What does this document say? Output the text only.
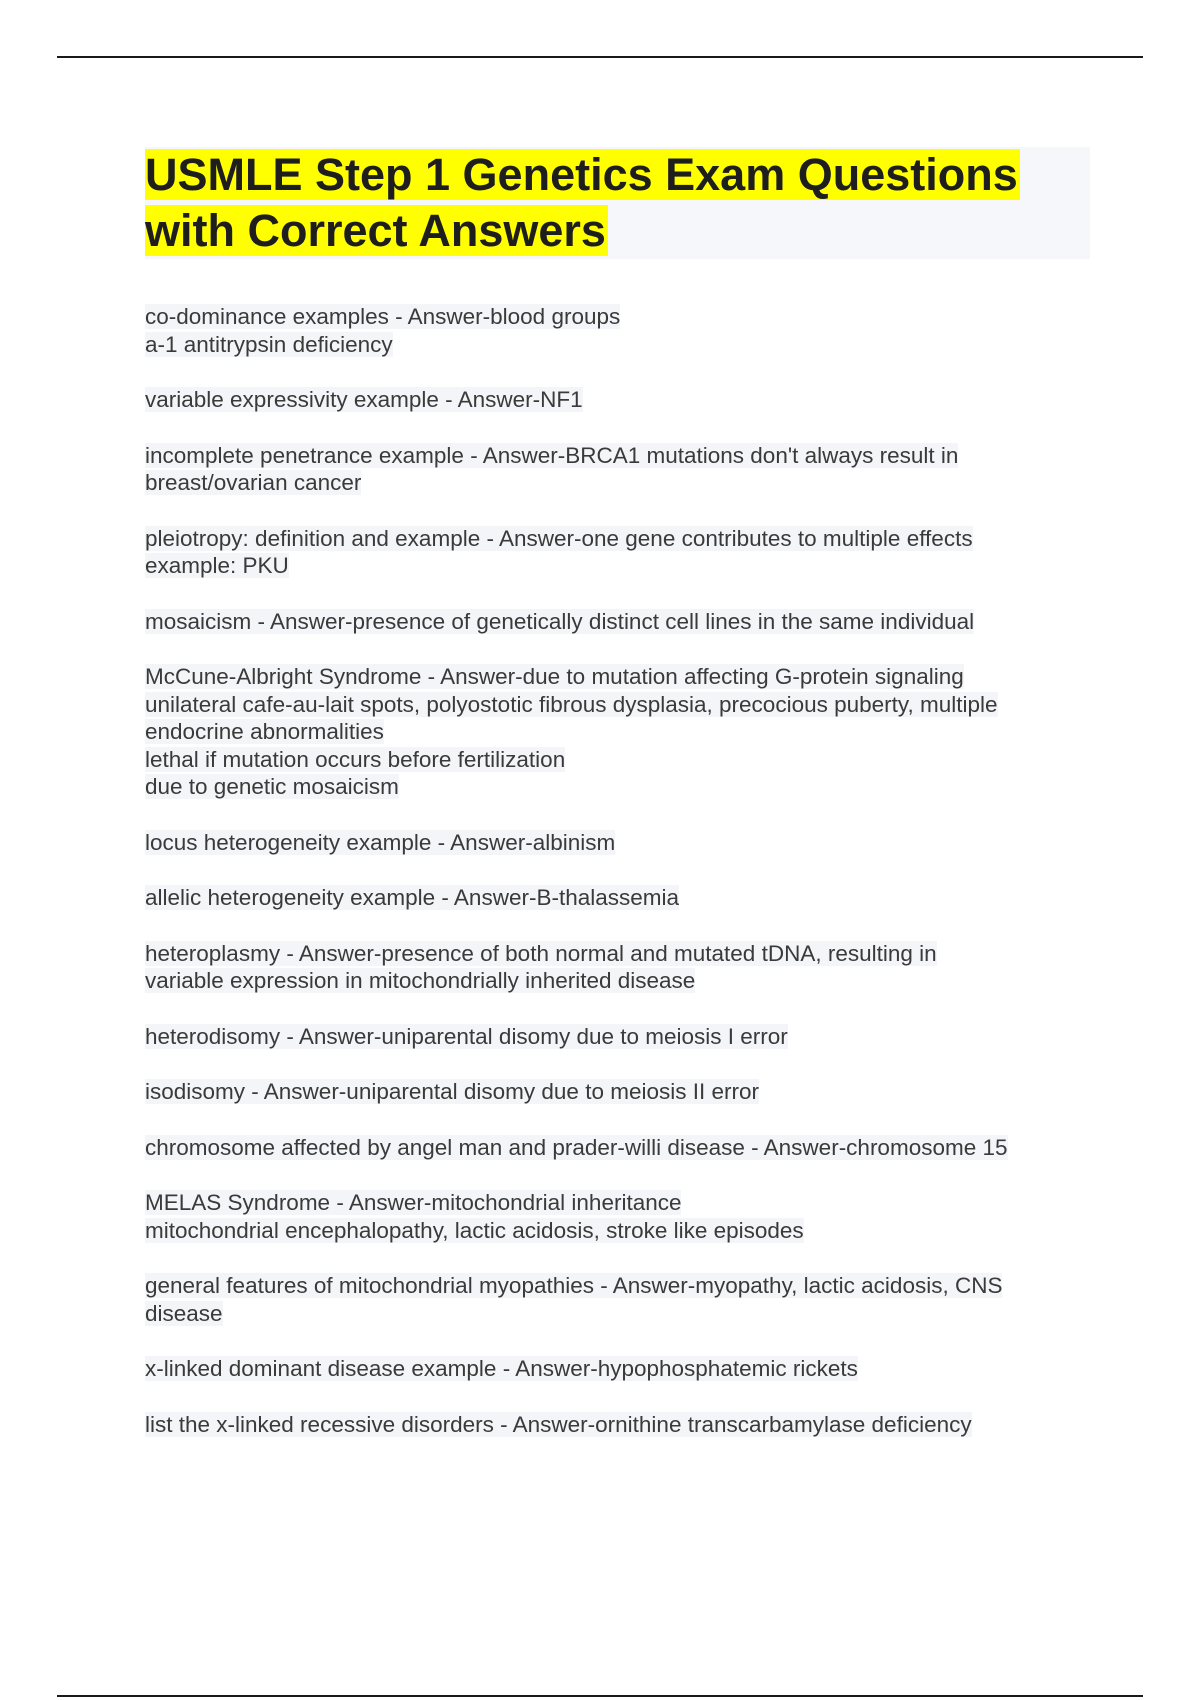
USMLE Step 1 Genetics Exam Questions with Correct Answers
co-dominance examples - Answer-blood groups
a-1 antitrypsin deficiency
variable expressivity example - Answer-NF1
incomplete penetrance example - Answer-BRCA1 mutations don't always result in
breast/ovarian cancer
pleiotropy: definition and example - Answer-one gene contributes to multiple effects
example: PKU
mosaicism - Answer-presence of genetically distinct cell lines in the same individual
McCune-Albright Syndrome - Answer-due to mutation affecting G-protein signaling
unilateral cafe-au-lait spots, polyostotic fibrous dysplasia, precocious puberty, multiple
endocrine abnormalities
lethal if mutation occurs before fertilization
due to genetic mosaicism
locus heterogeneity example - Answer-albinism
allelic heterogeneity example - Answer-B-thalassemia
heteroplasmy - Answer-presence of both normal and mutated tDNA, resulting in
variable expression in mitochondrially inherited disease
heterodisomy - Answer-uniparental disomy due to meiosis I error
isodisomy - Answer-uniparental disomy due to meiosis II error
chromosome affected by angel man and prader-willi disease - Answer-chromosome 15
MELAS Syndrome - Answer-mitochondrial inheritance
mitochondrial encephalopathy, lactic acidosis, stroke like episodes
general features of mitochondrial myopathies - Answer-myopathy, lactic acidosis, CNS
disease
x-linked dominant disease example - Answer-hypophosphatemic rickets
list the x-linked recessive disorders - Answer-ornithine transcarbamylase deficiency
